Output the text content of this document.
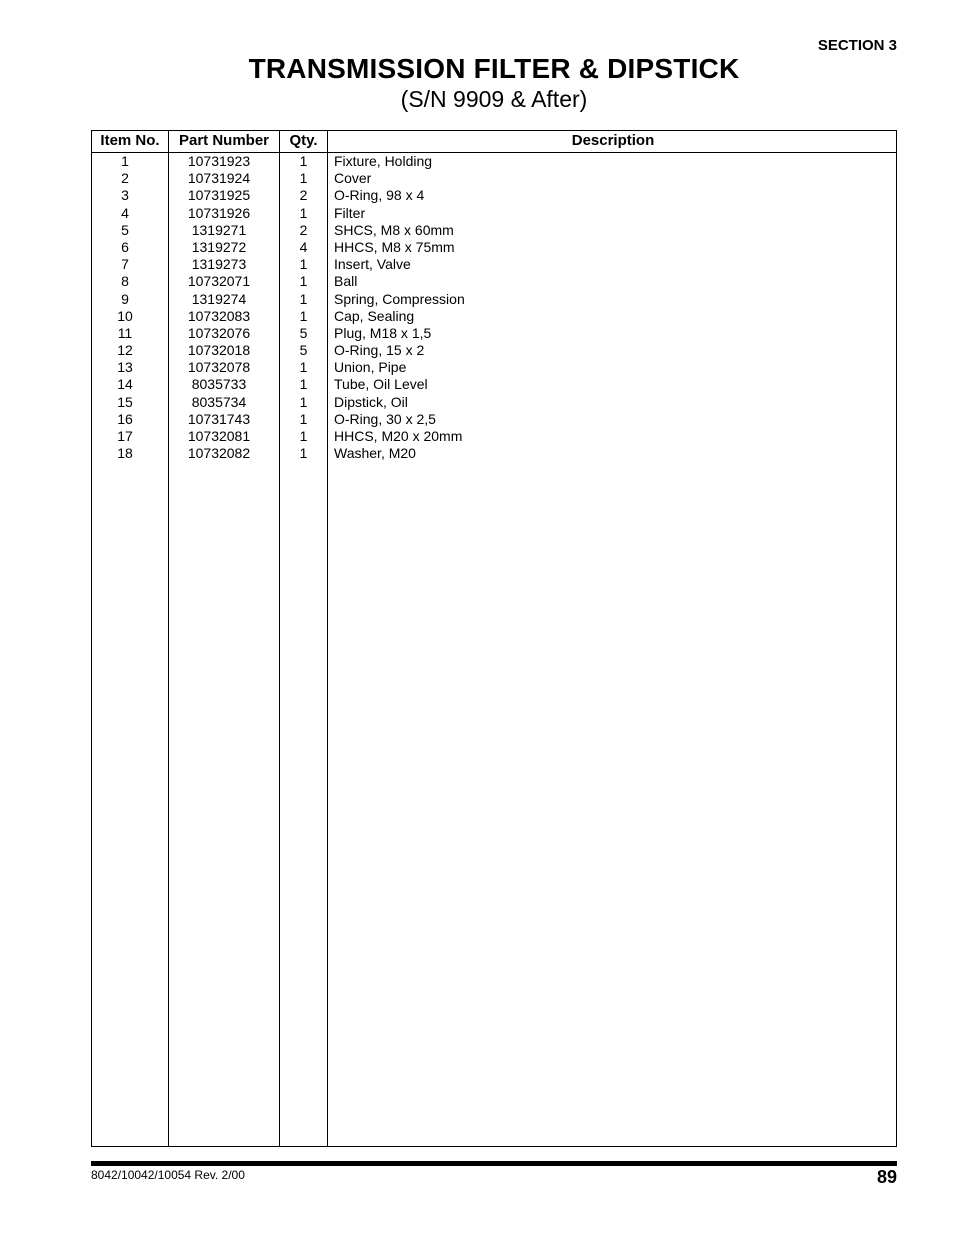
SECTION 3
TRANSMISSION FILTER & DIPSTICK
(S/N 9909 & After)
Item No.	Part Number	Qty.	Description
1	10731923	1	Fixture, Holding
2	10731924	1	Cover
3	10731925	2	O-Ring, 98 x 4
4	10731926	1	Filter
5	1319271	2	SHCS, M8 x 60mm
6	1319272	4	HHCS, M8 x 75mm
7	1319273	1	Insert, Valve
8	10732071	1	Ball
9	1319274	1	Spring, Compression
10	10732083	1	Cap, Sealing
11	10732076	5	Plug, M18 x 1,5
12	10732018	5	O-Ring, 15 x 2
13	10732078	1	Union, Pipe
14	8035733	1	Tube, Oil Level
15	8035734	1	Dipstick, Oil
16	10731743	1	O-Ring, 30 x 2,5
17	10732081	1	HHCS, M20 x 20mm
18	10732082	1	Washer, M20
8042/10042/10054 Rev. 2/00	89
